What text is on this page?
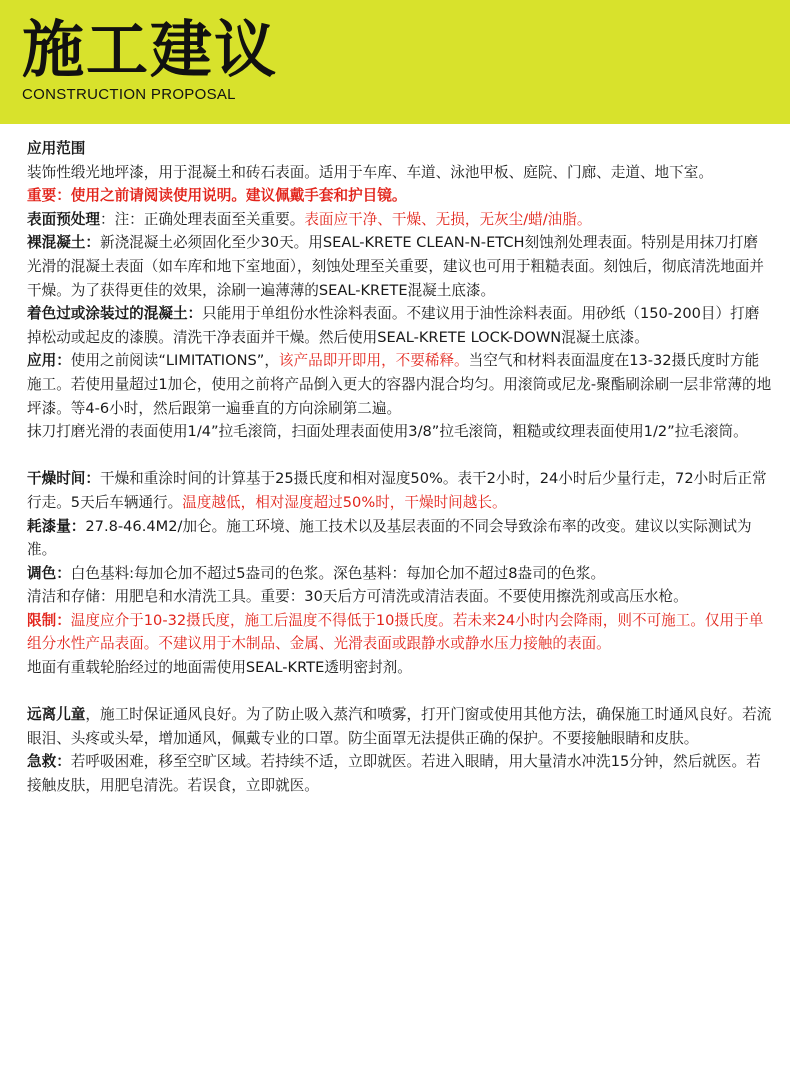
施工建议
CONSTRUCTION PROPOSAL

应用范围

装饰性缎光地坪漆，用于混凝土和砖石表面。适用于车库、车道、泳池甲板、庭院、门廊、走道、地下室。

重要：使用之前请阅读使用说明。建议佩戴手套和护目镜。

表面预处理：注：正确处理表面至关重要。表面应干净、干燥、无损，无灰尘/蜡/油脂。

裸混凝土：新浇混凝土必须固化至少30天。用SEAL-KRETE CLEAN-N-ETCH刻蚀剂处理表面。特别是用抹刀打磨光滑的混凝土表面（如车库和地下室地面），刻蚀处理至关重要，建议也可用于粗糙表面。刻蚀后，彻底清洗地面并干燥。为了获得更佳的效果，涂刷一遍薄薄的SEAL-KRETE混凝土底漆。

着色过或涂装过的混凝土：只能用于单组份水性涂料表面。不建议用于油性涂料表面。用砂纸（150-200目）打磨掉松动或起皮的漆膜。清洗干净表面并干燥。然后使用SEAL-KRETE LOCK-DOWN混凝土底漆。

应用：使用之前阅读“LIMITATIONS”，该产品即开即用，不要稀释。当空气和材料表面温度在13-32摄氏度时方能施工。若使用量超过1加仑，使用之前将产品倒入更大的容器内混合均匀。用滚筒或尼龙-聚酯刷涂刷一层非常薄的地坪漆。等4-6小时，然后跟第一遍垂直的方向涂刷第二遍。

抹刀打磨光滑的表面使用1/4”拉毛滚筒，扫面处理表面使用3/8”拉毛滚筒，粗糙或纹理表面使用1/2”拉毛滚筒。

干燥时间：干燥和重涂时间的计算基于25摄氏度和相对湿度50%。表干2小时，24小时后少量行走，72小时后正常行走。5天后车辆通行。温度越低，相对湿度超过50%时，干燥时间越长。

耗漆量：27.8-46.4M2/加仑。施工环境、施工技术以及基层表面的不同会导致涂布率的改变。建议以实际测试为准。

调色：白色基料:每加仑加不超过5盎司的色浆。深色基料：每加仑加不超过8盎司的色浆。

清洁和存储：用肥皂和水清洗工具。重要：30天后方可清洗或清洁表面。不要使用擦洗剂或高压水枪。

限制：温度应介于10-32摄氏度，施工后温度不得低于10摄氏度。若未来24小时内会降雨，则不可施工。仅用于单组分水性产品表面。不建议用于木制品、金属、光滑表面或跟静水或静水压力接触的表面。

地面有重载轮胎经过的地面需使用SEAL-KRTE透明密封剂。

远离儿童，施工时保证通风良好。为了防止吸入蒸汽和喷雾，打开门窗或使用其他方法，确保施工时通风良好。若流眼泪、头疼或头晕，增加通风，佩戴专业的口罩。防尘面罩无法提供正确的保护。不要接触眼睛和皮肤。

急救：若呼吸困难，移至空旷区域。若持续不适，立即就医。若进入眼睛，用大量清水冲洗15分钟，然后就医。若接触皮肤，用肥皂清洗。若误食，立即就医。
